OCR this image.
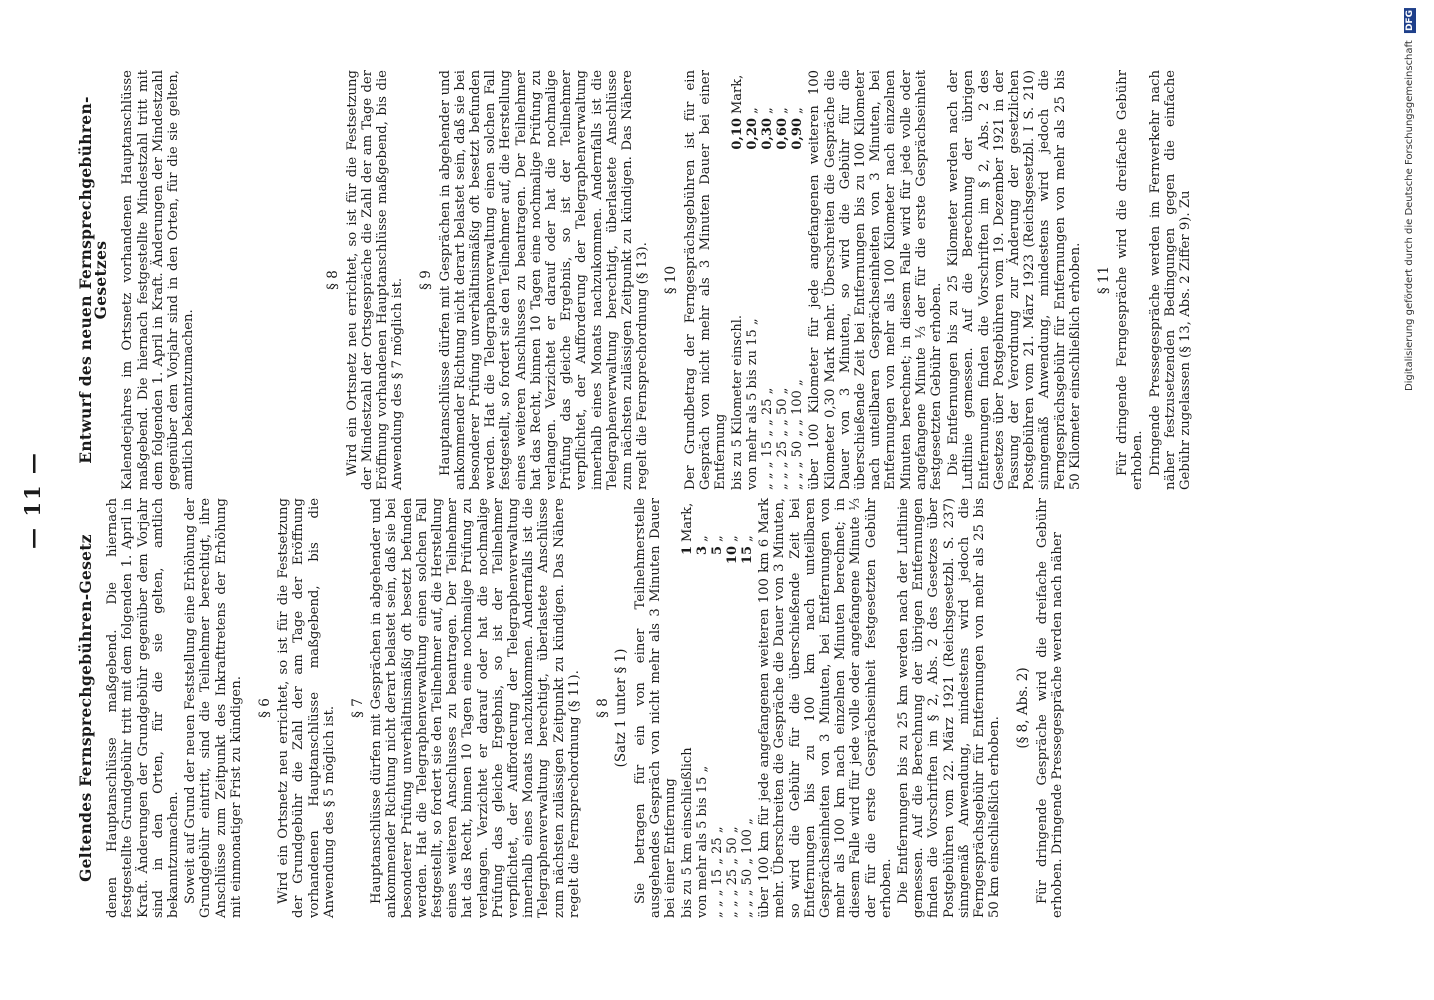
— 11 —
Geltendes Fernsprechgebühren-Gesetz denen Hauptanschlüsse maßgebend. Die hiernach festgestellte Grundgebühr tritt mit dem folgenden 1. April in Kraft. Änderungen der Grundgebühr gegenüber dem Vorjahr sind in den Orten, für die sie gelten, amtlich bekanntzumachen. Soweit auf Grund der neuen Feststellung eine Erhöhung der Grundgebühr eintritt, sind die Teilnehmer berechtigt, ihre Anschlüsse zum Zeitpunkt des Inkrafttretens der Erhöhung mit einmonatiger Frist zu kündigen. § 6 Wird ein Ortsnetz neu errichtet, so ist für die Festsetzung der Grundgebühr die Zahl der am Tage der Eröffnung vorhandenen Hauptanschlüsse maßgebend, bis die Anwendung des § 5 möglich ist. § 7 Hauptanschlüsse dürfen mit Gesprächen in abgehender und ankommender Richtung nicht derart belastet sein, daß sie bei besonderer Prüfung unverhältnismäßig oft besetzt befunden werden. Hat die Telegraphenverwaltung einen solchen Fall festgestellt, so fordert sie den Teilnehmer auf, die Herstellung eines weiteren Anschlusses zu beantragen. Der Teilnehmer hat das Recht, binnen 10 Tagen eine nochmalige Prüfung zu verlangen. Verzichtet er darauf oder hat die nochmalige Prüfung das gleiche Ergebnis, so ist der Teilnehmer verpflichtet, der Aufforderung der Telegraphenverwaltung innerhalb eines Monats nachzukommen. Andernfalls ist die Telegraphenverwaltung berechtigt, überlastete Anschlüsse zum nächsten zulässigen Zeitpunkt zu kündigen. Das Nähere regelt die Fernsprechordnung (§ 11). § 8 (Satz 1 unter § 1) Sie betragen für ein von einer Teilnehmerstelle ausgehendes Gespräch von nicht mehr als 3 Minuten Dauer bei einer Entfernung bis zu 5 km einschließlich	1	Mark,
von mehr als 5 bis 15 „	3	„
„ „ „ 15 „ 25 „	5	„
„ „ „ 25 „ 50 „	10	„
„ „ „ 50 „ 100 „	15	„ über 100 km für jede angefangenen weiteren 100 km 6 Mark mehr. Überschreiten die Gespräche die Dauer von 3 Minuten, so wird die Gebühr für die überschießende Zeit bei Entfernungen bis zu 100 km nach unteilbaren Gesprächseinheiten von 3 Minuten, bei Entfernungen von mehr als 100 km nach einzelnen Minuten berechnet; in diesem Falle wird für jede volle oder angefangene Minute ⅓ der für die erste Gesprächseinheit festgesetzten Gebühr erhoben. Die Entfernungen bis zu 25 km werden nach der Luftlinie gemessen. Auf die Berechnung der übrigen Entfernungen finden die Vorschriften im § 2, Abs. 2 des Gesetzes über Postgebühren vom 22. März 1921 (Reichsgesetzbl. S. 237) sinngemäß Anwendung, mindestens wird jedoch die Ferngesprächsgebühr für Entfernungen von mehr als 25 bis 50 km einschließlich erhoben.

(§ 8, Abs. 2) Für dringende Gespräche wird die dreifache Gebühr erhoben. Dringende Pressegespräche werden nach näher

Entwurf des neuen Fernsprechgebühren-Gesetzes Kalenderjahres im Ortsnetz vorhandenen Hauptanschlüsse maßgebend. Die hiernach festgestellte Mindestzahl tritt mit dem folgenden 1. April in Kraft. Änderungen der Mindestzahl gegenüber dem Vorjahr sind in den Orten, für die sie gelten, amtlich bekanntzumachen.

§ 8 Wird ein Ortsnetz neu errichtet, so ist für die Festsetzung der Mindestzahl der Ortsgespräche die Zahl der am Tage der Eröffnung vorhandenen Hauptanschlüsse maßgebend, bis die Anwendung des § 7 möglich ist. § 9 Hauptanschlüsse dürfen mit Gesprächen in abgehender und ankommender Richtung nicht derart belastet sein, daß sie bei besonderer Prüfung unverhältnismäßig oft besetzt befunden werden. Hat die Telegraphenverwaltung einen solchen Fall festgestellt, so fordert sie den Teilnehmer auf, die Herstellung eines weiteren Anschlusses zu beantragen. Der Teilnehmer hat das Recht, binnen 10 Tagen eine nochmalige Prüfung zu verlangen. Verzichtet er darauf oder hat die nochmalige Prüfung das gleiche Ergebnis, so ist der Teilnehmer verpflichtet, der Aufforderung der Telegraphenverwaltung innerhalb eines Monats nachzukommen. Andernfalls ist die Telegraphenverwaltung berechtigt, überlastete Anschlüsse zum nächsten zulässigen Zeitpunkt zu kündigen. Das Nähere regelt die Fernsprechordnung (§ 13). § 10 Der Grundbetrag der Ferngesprächsgebühren ist für ein Gespräch von nicht mehr als 3 Minuten Dauer bei einer Entfernung bis zu 5 Kilometer einschl.	0,10	Mark,
von mehr als 5 bis zu 15 „	0,20	„
„ „ „ 15 „ „ 25 „	0,30	„
„ „ „ 25 „ „ 50 „	0,60	„
„ „ „ 50 „ „ 100 „	0,90	„ über 100 Kilometer für jede angefangenen weiteren 100 Kilometer 0,30 Mark mehr. Überschreiten die Gespräche die Dauer von 3 Minuten, so wird die Gebühr für die überschießende Zeit bei Entfernungen bis zu 100 Kilometer nach unteilbaren Gesprächseinheiten von 3 Minuten, bei Entfernungen von mehr als 100 Kilometer nach einzelnen Minuten berechnet; in diesem Falle wird für jede volle oder angefangene Minute ⅓ der für die erste Gesprächseinheit festgesetzten Gebühr erhoben. Die Entfernungen bis zu 25 Kilometer werden nach der Luftlinie gemessen. Auf die Berechnung der übrigen Entfernungen finden die Vorschriften im § 2, Abs. 2 des Gesetzes über Postgebühren vom 19. Dezember 1921 in der Fassung der Verordnung zur Änderung der gesetzlichen Postgebühren vom 21. März 1923 (Reichsgesetzbl. I S. 210) sinngemäß Anwendung, mindestens wird jedoch die Ferngesprächsgebühr für Entfernungen von mehr als 25 bis 50 Kilometer einschließlich erhoben. § 11 Für dringende Ferngespräche wird die dreifache Gebühr erhoben. Dringende Pressegespräche werden im Fernverkehr nach näher festzusetzenden Bedingungen gegen die einfache Gebühr zugelassen (§ 13, Abs. 2 Ziffer 9). Zu	Digitalisierung gefördert durch die Deutsche Forschungsgemeinschaft DFG
